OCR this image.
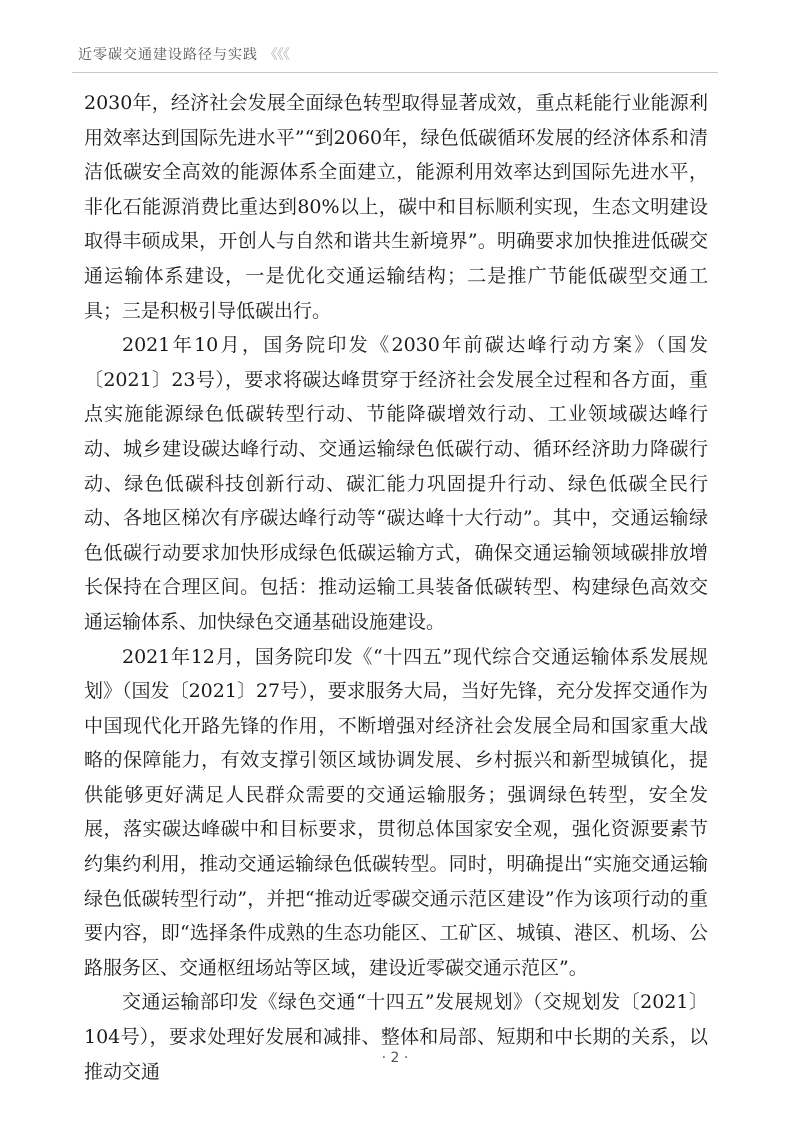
近零碳交通建设路径与实践 《《《

2030年，经济社会发展全面绿色转型取得显著成效，重点耗能行业能源利用效率达到国际先进水平”“到2060年，绿色低碳循环发展的经济体系和清洁低碳安全高效的能源体系全面建立，能源利用效率达到国际先进水平，非化石能源消费比重达到80%以上，碳中和目标顺利实现，生态文明建设取得丰硕成果，开创人与自然和谐共生新境界”。明确要求加快推进低碳交通运输体系建设，一是优化交通运输结构；二是推广节能低碳型交通工具；三是积极引导低碳出行。

2021年10月，国务院印发《2030年前碳达峰行动方案》（国发〔2021〕23号），要求将碳达峰贯穿于经济社会发展全过程和各方面，重点实施能源绿色低碳转型行动、节能降碳增效行动、工业领域碳达峰行动、城乡建设碳达峰行动、交通运输绿色低碳行动、循环经济助力降碳行动、绿色低碳科技创新行动、碳汇能力巩固提升行动、绿色低碳全民行动、各地区梯次有序碳达峰行动等“碳达峰十大行动”。其中，交通运输绿色低碳行动要求加快形成绿色低碳运输方式，确保交通运输领域碳排放增长保持在合理区间。包括：推动运输工具装备低碳转型、构建绿色高效交通运输体系、加快绿色交通基础设施建设。

2021年12月，国务院印发《“十四五”现代综合交通运输体系发展规划》（国发〔2021〕27号），要求服务大局，当好先锋，充分发挥交通作为中国现代化开路先锋的作用，不断增强对经济社会发展全局和国家重大战略的保障能力，有效支撑引领区域协调发展、乡村振兴和新型城镇化，提供能够更好满足人民群众需要的交通运输服务；强调绿色转型，安全发展，落实碳达峰碳中和目标要求，贯彻总体国家安全观，强化资源要素节约集约利用，推动交通运输绿色低碳转型。同时，明确提出“实施交通运输绿色低碳转型行动”，并把“推动近零碳交通示范区建设”作为该项行动的重要内容，即“选择条件成熟的生态功能区、工矿区、城镇、港区、机场、公路服务区、交通枢纽场站等区域，建设近零碳交通示范区”。

交通运输部印发《绿色交通“十四五”发展规划》（交规划发〔2021〕104号），要求处理好发展和减排、整体和局部、短期和中长期的关系，以推动交通

· 2 ·
